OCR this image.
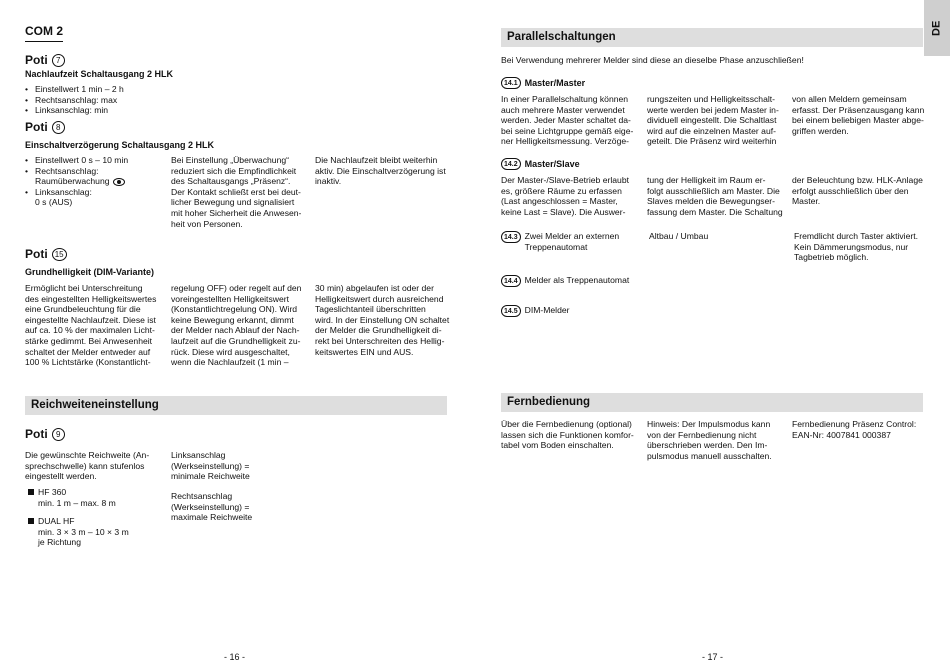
COM 2
Poti	7
Nachlaufzeit Schaltausgang 2 HLK
• Einstellwert 1 min – 2 h
• Rechtsanschlag: max
• Linksanschlag: min
Poti	8
Einschaltverzögerung Schaltausgang 2 HLK
• Einstellwert 0 s – 10 min
• Rechtsanschlag:
Raumüberwachung
• Linksanschlag:
0 s (AUS)
Bei Einstellung „Überwachung“
reduziert sich die Empfindlichkeit
des Schaltausgangs „Präsenz“.
Der Kontakt schließt erst bei deut-
licher Bewegung und signalisiert
mit hoher Sicherheit die Anwesen-
heit von Personen.
Die Nachlaufzeit bleibt weiterhin
aktiv. Die Einschaltverzögerung ist
inaktiv.
Poti 15
Grundhelligkeit (DIM-Variante)
Ermöglicht bei Unterschreitung
des eingestellten Helligkeitswertes
eine Grundbeleuchtung für die
eingestellte Nachlaufzeit. Diese ist
auf ca. 10 % der maximalen Licht-
stärke gedimmt. Bei Anwesenheit
schaltet der Melder entweder auf
100 % Lichtstärke (Konstantlicht-
regelung OFF) oder regelt auf den
voreingestellten Helligkeitswert
(Konstantlichtregelung ON). Wird
keine Bewegung erkannt, dimmt
der Melder nach Ablauf der Nach-
laufzeit auf die Grundhelligkeit zu-
rück. Diese wird ausgeschaltet,
wenn die Nachlaufzeit (1 min –
30 min) abgelaufen ist oder der
Helligkeitswert durch ausreichend
Tageslichtanteil überschritten
wird. In der Einstellung ON schaltet
der Melder die Grundhelligkeit di-
rekt bei Unterschreiten des Hellig-
keitswertes EIN und AUS.
Reichweiteneinstellung
Poti	9
Die gewünschte Reichweite (An-
sprechschwelle) kann stufenlos
eingestellt werden.
HF 360
min. 1 m – max. 8 m
DUAL HF
min. 3 × 3 m – 10 × 3 m
je Richtung
Linksanschlag
(Werkseinstellung) =
minimale Reichweite
Rechtsanschlag
(Werkseinstellung) =
maximale Reichweite
- 16 -
DE
Parallelschaltungen
Bei Verwendung mehrerer Melder sind diese an dieselbe Phase anzuschließen!
14.1 Master/Master
In einer Parallelschaltung können
auch mehrere Master verwendet
werden. Jeder Master schaltet da-
bei seine Lichtgruppe gemäß eige-
ner Helligkeitsmessung. Verzöge-
rungszeiten und Helligkeitsschalt-
werte werden bei jedem Master in-
dividuell eingestellt. Die Schaltlast
wird auf die einzelnen Master auf-
geteilt. Die Präsenz wird weiterhin
von allen Meldern gemeinsam
erfasst. Der Präsenzausgang kann
bei einem beliebigen Master abge-
griffen werden.
14.2 Master/Slave
Der Master-/Slave-Betrieb erlaubt
es, größere Räume zu erfassen
(Last angeschlossen = Master,
keine Last = Slave). Die Auswer-
tung der Helligkeit im Raum er-
folgt ausschließlich am Master. Die
Slaves melden die Bewegungser-
fassung dem Master. Die Schaltung
der Beleuchtung bzw. HLK-Anlage
erfolgt ausschließlich über den
Master.
14.3 Zwei Melder an externen
Treppenautomat
Altbau / Umbau	Fremdlicht durch Taster aktiviert.
Kein Dämmerungsmodus, nur
Tagbetrieb möglich.
14.4 Melder als Treppenautomat
14.5 DIM-Melder
Fernbedienung
Über die Fernbedienung (optional)
lassen sich die Funktionen komfor-
tabel vom Boden einschalten.
Hinweis: Der Impulsmodus kann
von der Fernbedienung nicht
überschrieben werden. Den Im-
pulsmodus manuell ausschalten.
Fernbedienung Präsenz Control:
EAN-Nr: 4007841 000387
- 17 -
